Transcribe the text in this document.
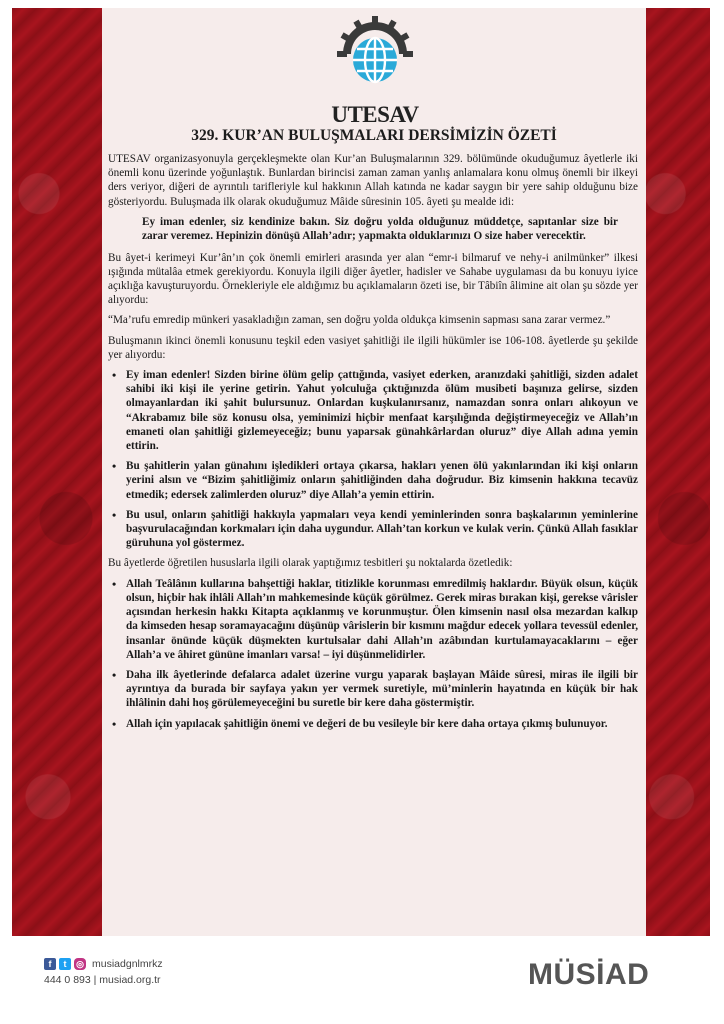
UTESAV
329. KUR’AN BULUŞMALARI DERSİMİZİN ÖZETİ

UTESAV organizasyonuyla gerçekleşmekte olan Kur’an Buluşmalarının 329. bölümünde okuduğumuz âyetlerle iki önemli konu üzerinde yoğunlaştık. Bunlardan birincisi zaman zaman yanlış anlamalara konu olmuş önemli bir ilkeyi ders veriyor, diğeri de ayrıntılı tarifleriyle kul hakkının Allah katında ne kadar saygın bir yere sahip olduğunu bize gösteriyordu. Buluşmada ilk olarak okuduğumuz Mâide sûresinin 105. âyeti şu mealde idi:

Ey iman edenler, siz kendinize bakın. Siz doğru yolda olduğunuz müddetçe, sapıtanlar size bir zarar veremez. Hepinizin dönüşü Allah’adır; yapmakta olduklarınızı O size haber verecektir.

Bu âyet-i kerimeyi Kur’ân’ın çok önemli emirleri arasında yer alan “emr-i bilmaruf ve nehy-i anilmünker” ilkesi ışığında mütalâa etmek gerekiyordu. Konuyla ilgili diğer âyetler, hadisler ve Sahabe uygulaması da bu konuyu iyice açıklığa kavuşturuyordu. Örnekleriyle ele aldığımız bu açıklamaların özeti ise, bir Tâbiîn âlimine ait olan şu sözde yer alıyordu:

“Ma’rufu emredip münkeri yasakladığın zaman, sen doğru yolda oldukça kimsenin sapması sana zarar vermez.”

Buluşmanın ikinci önemli konusunu teşkil eden vasiyet şahitliği ile ilgili hükümler ise 106-108. âyetlerde şu şekilde yer alıyordu:

• Ey iman edenler! Sizden birine ölüm gelip çattığında, vasiyet ederken, aranızdaki şahitliği, sizden adalet sahibi iki kişi ile yerine getirin. Yahut yolculuğa çıktığınızda ölüm musibeti başınıza gelirse, sizden olmayanlardan iki şahit bulursunuz. Onlardan kuşkulanırsanız, namazdan sonra onları alıkoyun ve “Akrabamız bile söz konusu olsa, yeminimizi hiçbir menfaat karşılığında değiştirmeyeceğiz ve Allah’ın emaneti olan şahitliği gizlemeyeceğiz; bunu yaparsak günahkârlardan oluruz” diye Allah adına yemin ettirin.

• Bu şahitlerin yalan günahını işledikleri ortaya çıkarsa, hakları yenen ölü yakınlarından iki kişi onların yerini alsın ve “Bizim şahitliğimiz onların şahitliğinden daha doğrudur. Biz kimsenin hakkına tecavüz etmedik; edersek zalimlerden oluruz” diye Allah’a yemin ettirin.

• Bu usul, onların şahitliği hakkıyla yapmaları veya kendi yeminlerinden sonra başkalarının yeminlerine başvurulacağından korkmaları için daha uygundur. Allah’tan korkun ve kulak verin. Çünkü Allah fasıklar güruhuna yol göstermez.

Bu âyetlerde öğretilen hususlarla ilgili olarak yaptığımız tesbitleri şu noktalarda özetledik:

• Allah Teâlânın kullarına bahşettiği haklar, titizlikle korunması emredilmiş haklardır. Büyük olsun, küçük olsun, hiçbir hak ihlâli Allah’ın mahkemesinde küçük görülmez. Gerek miras bırakan kişi, gerekse vârisler açısından herkesin hakkı Kitapta açıklanmış ve korunmuştur. Ölen kimsenin nasıl olsa mezardan kalkıp da kimseden hesap soramayacağını düşünüp vârislerin bir kısmını mağdur edecek yollara tevessül edenler, insanlar önünde küçük düşmekten kurtulsalar dahi Allah’ın azâbından kurtulamayacaklarını – eğer Allah’a ve âhiret gününe imanları varsa! – iyi düşünmelidirler.

• Daha ilk âyetlerinde defalarca adalet üzerine vurgu yaparak başlayan Mâide sûresi, miras ile ilgili bir ayrıntıya da burada bir sayfaya yakın yer vermek suretiyle, mü’minlerin hayatında en küçük bir hak ihlâlinin dahi hoş görülemeyeceğini bu suretle bir kere daha göstermiştir.

• Allah için yapılacak şahitliğin önemi ve değeri de bu vesileyle bir kere daha ortaya çıkmış bulunuyor.

f	t	◎ musiadgnlmrkz
444 0 893 | musiad.org.tr	MÜSİAD
